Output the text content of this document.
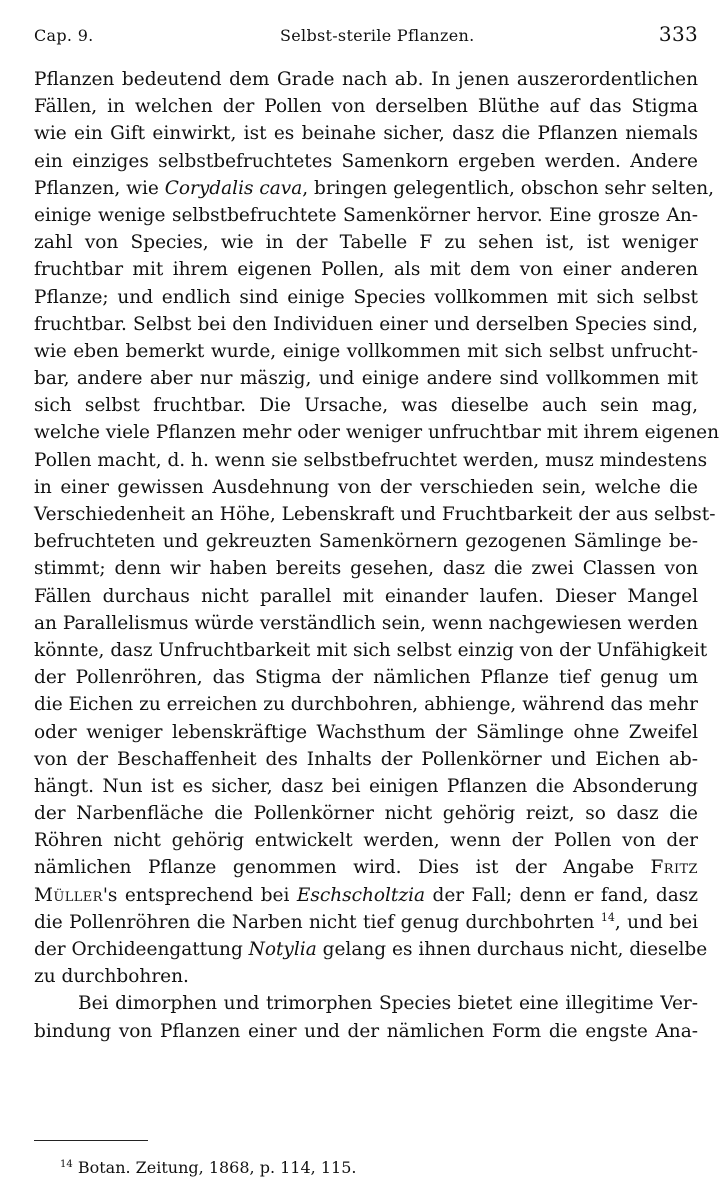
Cap. 9.	Selbst-sterile Pflanzen.	333
Pflanzen bedeutend dem Grade nach ab. In jenen auszerordentlichen
Fällen, in welchen der Pollen von derselben Blüthe auf das Stigma
wie ein Gift einwirkt, ist es beinahe sicher, dasz die Pflanzen niemals
ein einziges selbstbefruchtetes Samenkorn ergeben werden. Andere
Pflanzen, wie Corydalis cava, bringen gelegentlich, obschon sehr selten,
einige wenige selbstbefruchtete Samenkörner hervor. Eine grosze An-
zahl von Species, wie in der Tabelle F zu sehen ist, ist weniger
fruchtbar mit ihrem eigenen Pollen, als mit dem von einer anderen
Pflanze; und endlich sind einige Species vollkommen mit sich selbst
fruchtbar. Selbst bei den Individuen einer und derselben Species sind,
wie eben bemerkt wurde, einige vollkommen mit sich selbst unfrucht-
bar, andere aber nur mäszig, und einige andere sind vollkommen mit
sich selbst fruchtbar. Die Ursache, was dieselbe auch sein mag,
welche viele Pflanzen mehr oder weniger unfruchtbar mit ihrem eigenen
Pollen macht, d. h. wenn sie selbstbefruchtet werden, musz mindestens
in einer gewissen Ausdehnung von der verschieden sein, welche die
Verschiedenheit an Höhe, Lebenskraft und Fruchtbarkeit der aus selbst-
befruchteten und gekreuzten Samenkörnern gezogenen Sämlinge be-
stimmt; denn wir haben bereits gesehen, dasz die zwei Classen von
Fällen durchaus nicht parallel mit einander laufen. Dieser Mangel
an Parallelismus würde verständlich sein, wenn nachgewiesen werden
könnte, dasz Unfruchtbarkeit mit sich selbst einzig von der Unfähigkeit
der Pollenröhren, das Stigma der nämlichen Pflanze tief genug um
die Eichen zu erreichen zu durchbohren, abhienge, während das mehr
oder weniger lebenskräftige Wachsthum der Sämlinge ohne Zweifel
von der Beschaffenheit des Inhalts der Pollenkörner und Eichen ab-
hängt. Nun ist es sicher, dasz bei einigen Pflanzen die Absonderung
der Narbenfläche die Pollenkörner nicht gehörig reizt, so dasz die
Röhren nicht gehörig entwickelt werden, wenn der Pollen von der
nämlichen Pflanze genommen wird. Dies ist der Angabe Fritz
Müller's entsprechend bei Eschscholtzia der Fall; denn er fand, dasz
die Pollenröhren die Narben nicht tief genug durchbohrten $^{14}$, und bei
der Orchideengattung Notylia gelang es ihnen durchaus nicht, dieselbe
zu durchbohren.
Bei dimorphen und trimorphen Species bietet eine illegitime Ver-
bindung von Pflanzen einer und der nämlichen Form die engste Ana-
$^{14}$ Botan. Zeitung, 1868, p. 114, 115.
